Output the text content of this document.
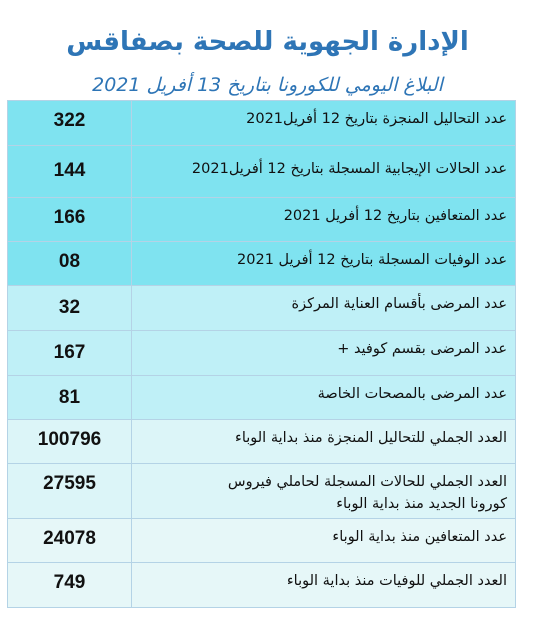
الإدارة الجهوية للصحة بصفاقس
البلاغ اليومي للكورونا بتاريخ 13 أفريل 2021
322	عدد التحاليل المنجزة بتاريخ 12 أفريل2021
144	عدد الحالات الإيجابية المسجلة بتاريخ 12 أفريل2021
166	عدد المتعافين بتاريخ 12 أفريل 2021
08	عدد الوفيات المسجلة بتاريخ 12 أفريل 2021
32	عدد المرضى بأقسام العناية المركزة
167	عدد المرضى بقسم كوفيد +
81	عدد المرضى بالمصحات الخاصة
100796	العدد الجملي للتحاليل المنجزة منذ بداية الوباء
27595	العدد الجملي للحالات المسجلة لحاملي فيروس كورونا الجديد منذ بداية الوباء
24078	عدد المتعافين منذ بداية الوباء
749	العدد الجملي للوفيات منذ بداية الوباء
